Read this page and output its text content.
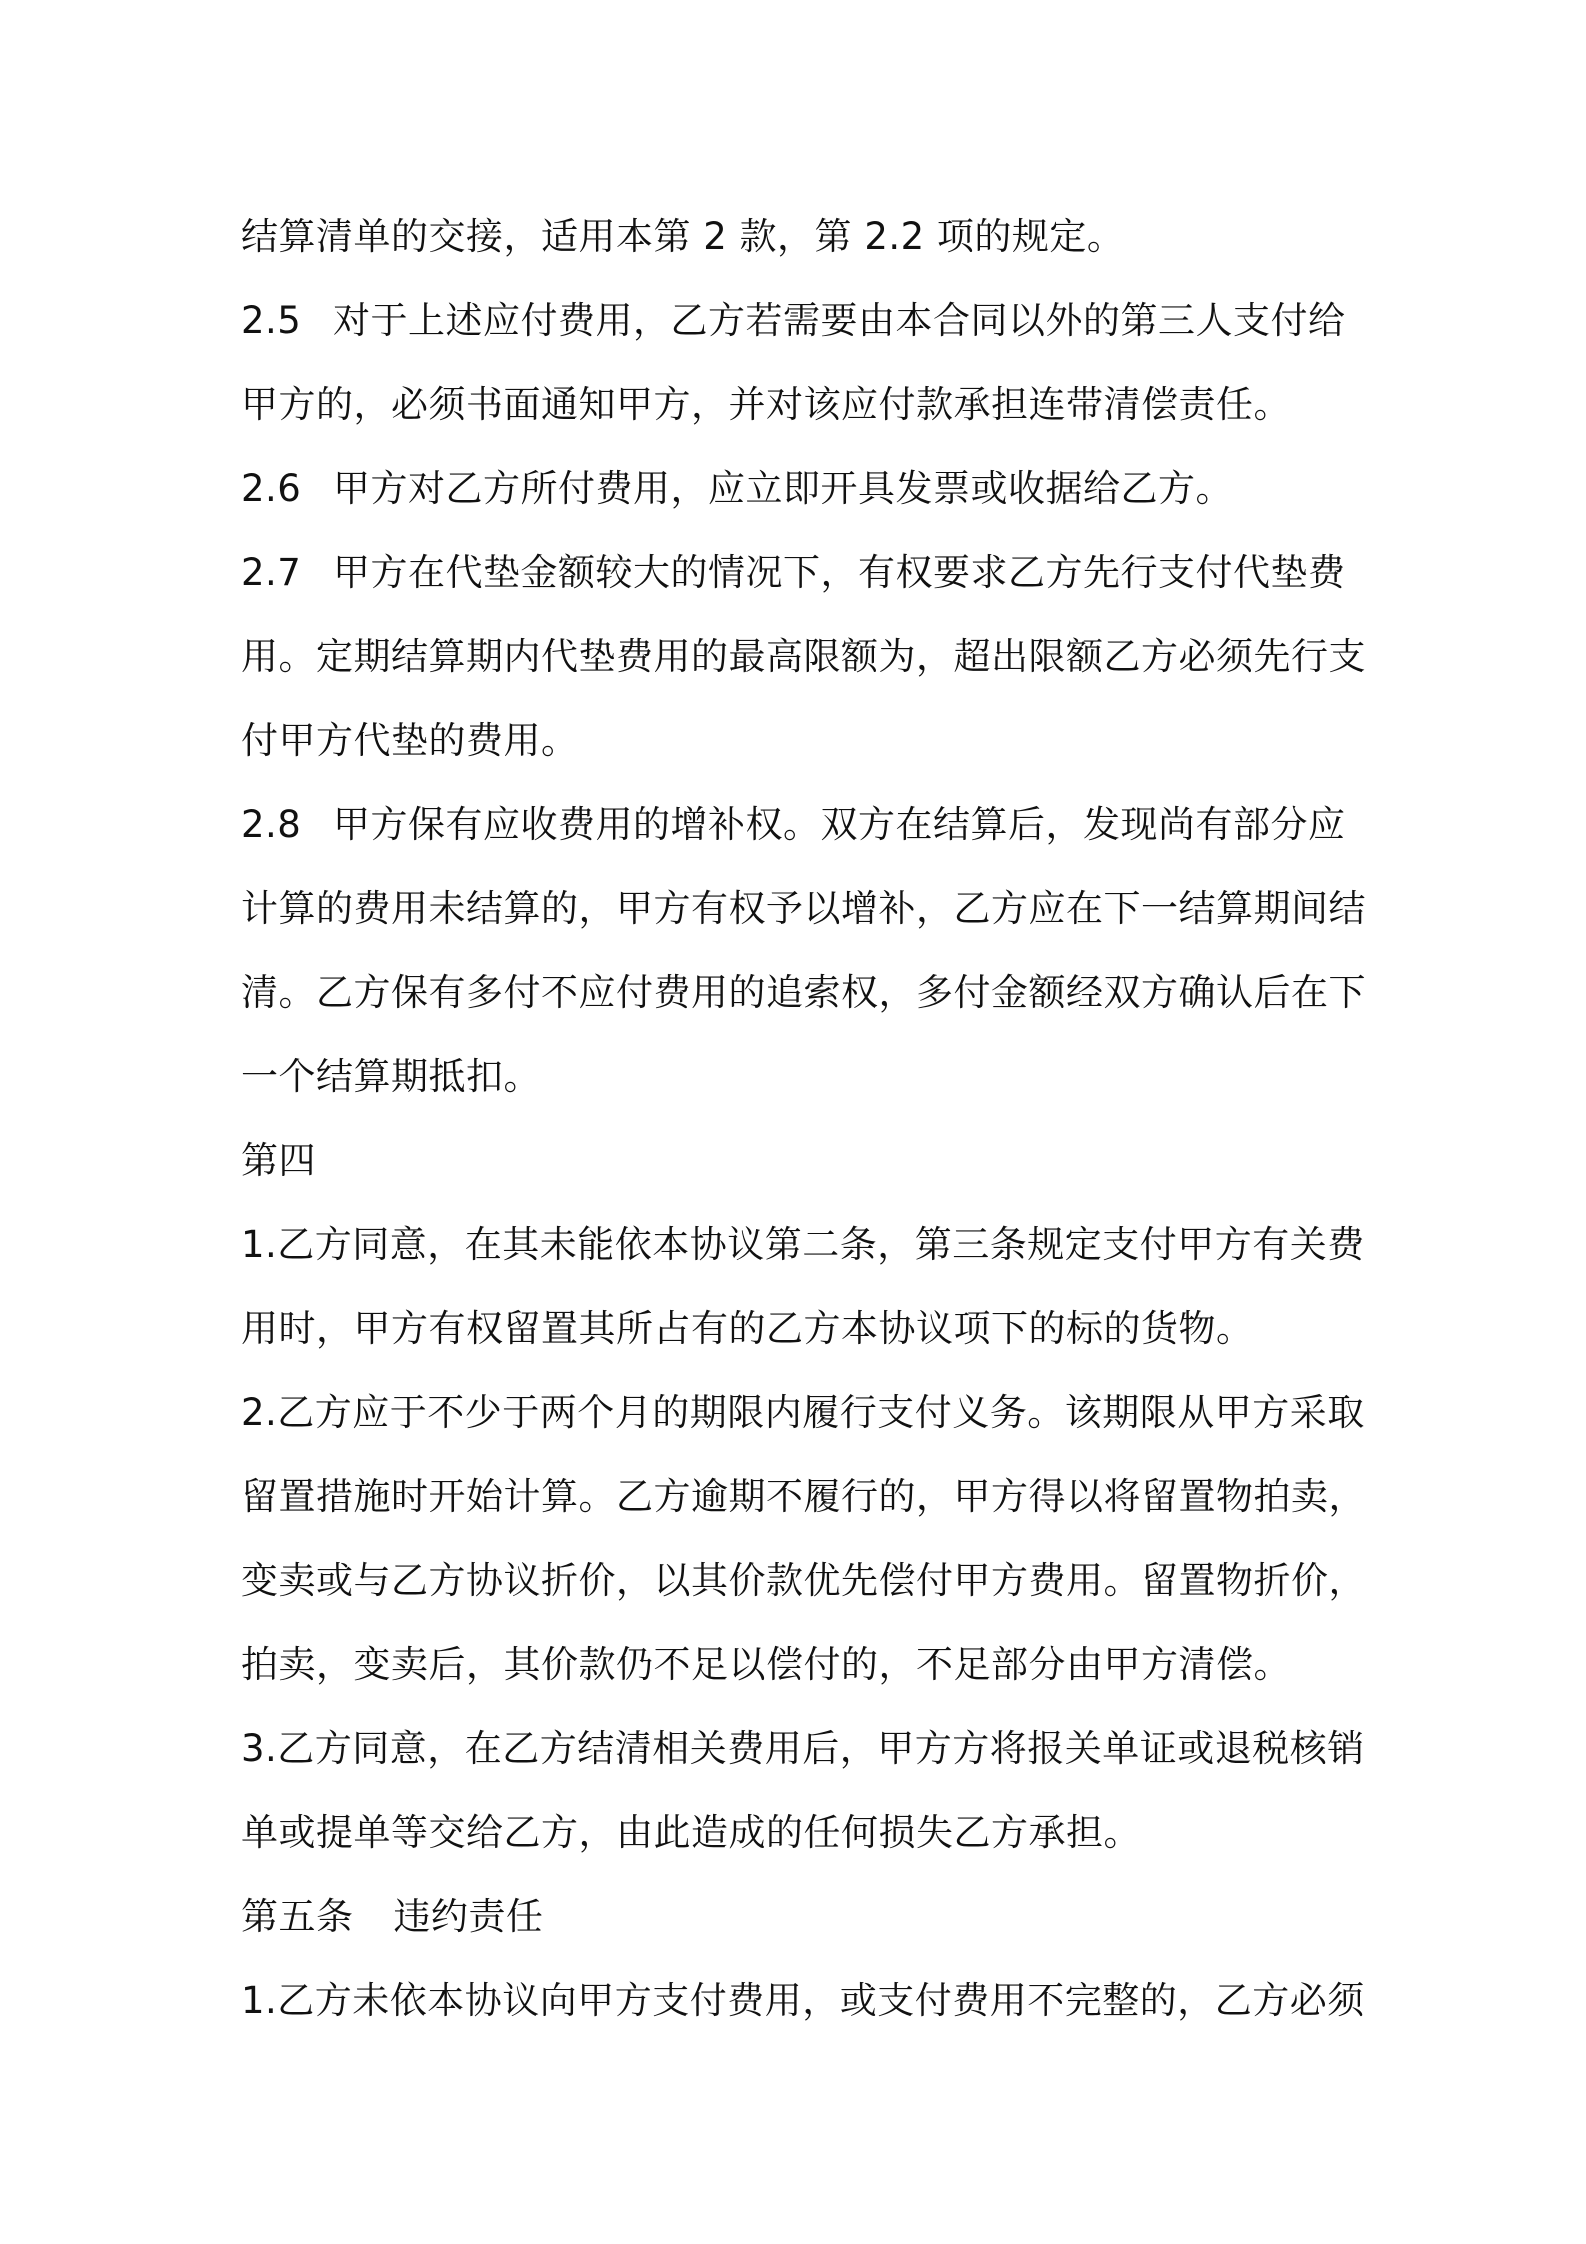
结算清单的交接，适用本第 2 款，第 2.2 项的规定。
2.5 对于上述应付费用，乙方若需要由本合同以外的第三人支付给
甲方的，必须书面通知甲方，并对该应付款承担连带清偿责任。
2.6 甲方对乙方所付费用，应立即开具发票或收据给乙方。
2.7 甲方在代垫金额较大的情况下，有权要求乙方先行支付代垫费
用。定期结算期内代垫费用的最高限额为，超出限额乙方必须先行支
付甲方代垫的费用。
2.8 甲方保有应收费用的增补权。双方在结算后，发现尚有部分应
计算的费用未结算的，甲方有权予以增补，乙方应在下一结算期间结
清。乙方保有多付不应付费用的追索权，多付金额经双方确认后在下
一个结算期抵扣。
第四
1.乙方同意，在其未能依本协议第二条，第三条规定支付甲方有关费
用时，甲方有权留置其所占有的乙方本协议项下的标的货物。
2.乙方应于不少于两个月的期限内履行支付义务。该期限从甲方采取
留置措施时开始计算。乙方逾期不履行的，甲方得以将留置物拍卖，
变卖或与乙方协议折价，以其价款优先偿付甲方费用。留置物折价，
拍卖，变卖后，其价款仍不足以偿付的，不足部分由甲方清偿。
3.乙方同意，在乙方结清相关费用后，甲方方将报关单证或退税核销
单或提单等交给乙方，由此造成的任何损失乙方承担。
第五条 违约责任
1.乙方未依本协议向甲方支付费用，或支付费用不完整的，乙方必须
